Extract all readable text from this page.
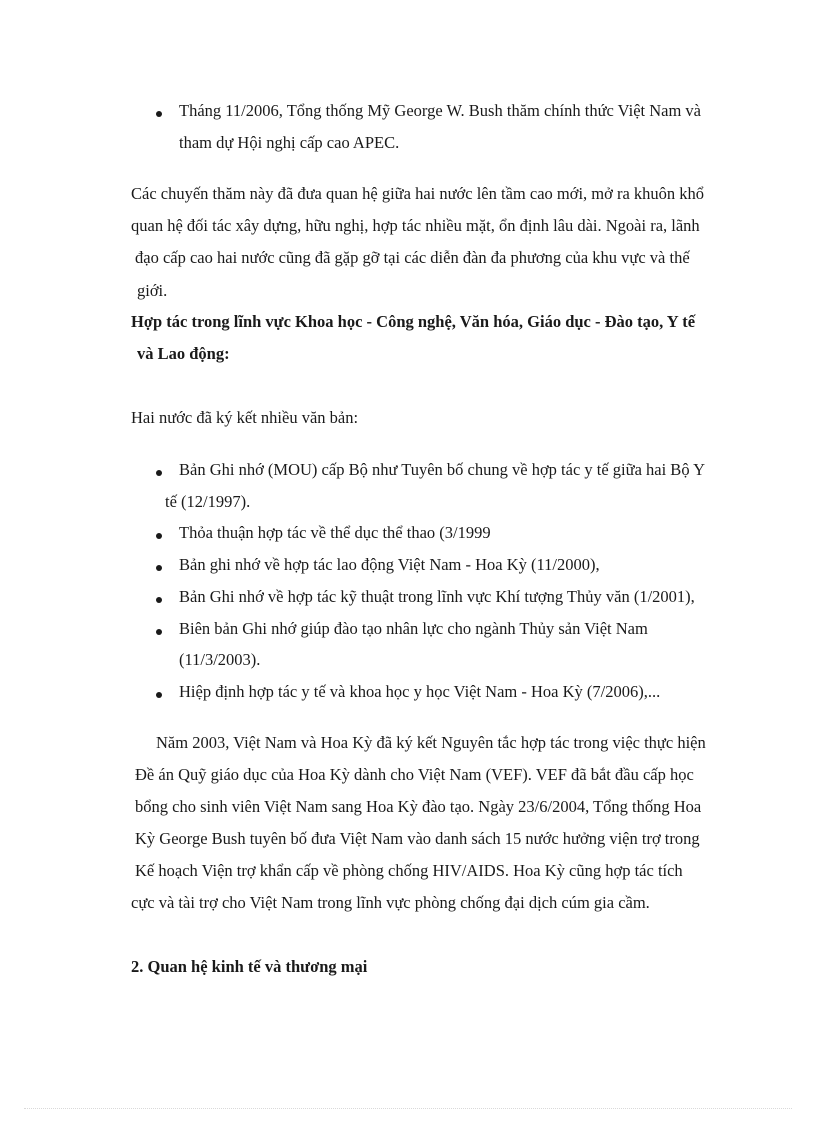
Tháng 11/2006, Tổng thống Mỹ George W. Bush thăm chính thức Việt Nam và
tham dự Hội nghị cấp cao APEC.
Các chuyến thăm này đã đưa quan hệ giữa hai nước lên tầm cao mới, mở ra khuôn khổ
quan hệ đối tác xây dựng, hữu nghị, hợp tác nhiều mặt, ổn định lâu dài. Ngoài ra, lãnh
đạo cấp cao hai nước cũng đã gặp gỡ tại các diễn đàn đa phương của khu vực và thế
giới.
Hợp tác trong lĩnh vực Khoa học - Công nghệ, Văn hóa, Giáo dục - Đào tạo, Y tế
và Lao động:
Hai nước đã ký kết nhiều văn bản:
Bản Ghi nhớ (MOU) cấp Bộ như Tuyên bố chung về hợp tác y tế giữa hai Bộ Y
tế (12/1997).
Thỏa thuận hợp tác về thể dục thể thao (3/1999
Bản ghi nhớ về hợp tác lao động Việt Nam - Hoa Kỳ (11/2000),
Bản Ghi nhớ về hợp tác kỹ thuật trong lĩnh vực Khí tượng Thủy văn (1/2001),
Biên bản Ghi nhớ giúp đào tạo nhân lực cho ngành Thủy sản Việt Nam
(11/3/2003).
Hiệp định hợp tác y tế và khoa học y học Việt Nam - Hoa Kỳ (7/2006),...
Năm 2003, Việt Nam và Hoa Kỳ đã ký kết Nguyên tắc hợp tác trong việc thực hiện
Đề án Quỹ giáo dục của Hoa Kỳ dành cho Việt Nam (VEF). VEF đã bắt đầu cấp học
bổng cho sinh viên Việt Nam sang Hoa Kỳ đào tạo. Ngày 23/6/2004, Tổng thống Hoa
Kỳ George Bush tuyên bố đưa Việt Nam vào danh sách 15 nước hưởng viện trợ trong
Kế hoạch Viện trợ khẩn cấp về phòng chống HIV/AIDS. Hoa Kỳ cũng hợp tác tích
cực và tài trợ cho Việt Nam trong lĩnh vực phòng chống đại dịch cúm gia cầm.
2. Quan hệ kinh tế và thương mại
